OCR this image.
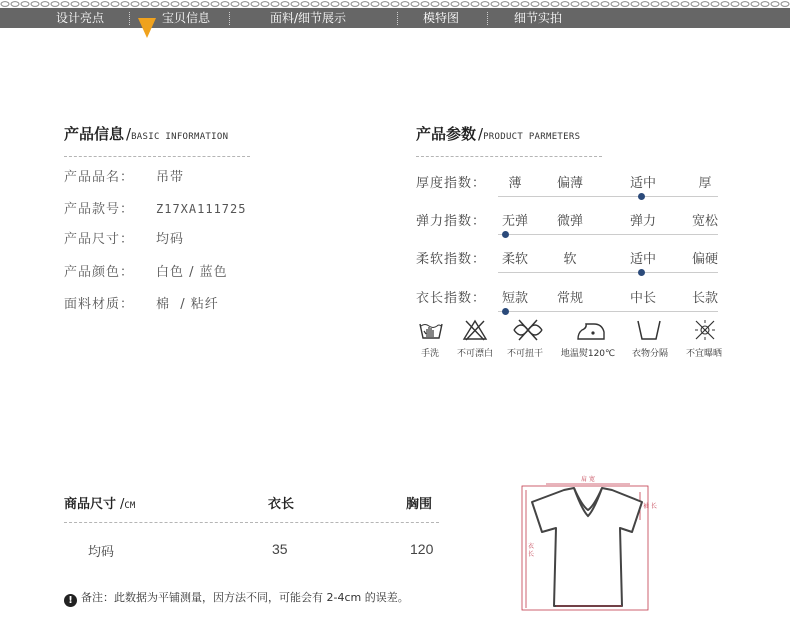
设计亮点	宝贝信息	面料/细节展示	模特图	细节实拍
产品信息 /BASIC INFORMATION
产品品名： 吊带
产品款号： Z17XA111725
产品尺寸： 均码
产品颜色： 白色 / 蓝色
面料材质： 棉  / 粘纤
产品参数 /PRODUCT PARMETERS
厚度指数：	薄	偏薄	适中	厚
弹力指数：	无弹	微弹	弹力	宽松
柔软指数：	柔软	软	适中	偏硬
衣长指数：	短款	常规	中长	长款
手洗	不可漂白	不可扭干	地温熨120℃	衣物分隔	不宜曝晒
商品尺寸 /CM	衣长	胸围
均码	35	120
! 备注：此数据为平铺测量，因方法不同，可能会有 2-4cm 的误差。
肩 宽
袖 长
衣
长
